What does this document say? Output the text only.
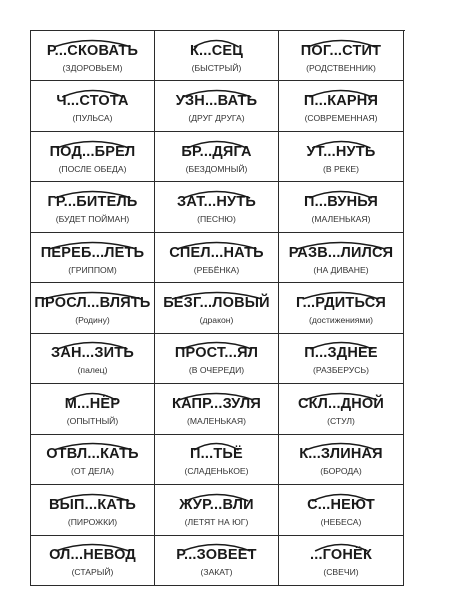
Р...СКОВАТЬ
(ЗДОРОВЬЕМ)
К...СЕЦ
(БЫСТРЫЙ)
ПОГ...СТИТ
(РОДСТВЕННИК)
Ч...СТОТА
(ПУЛЬСА)
УЗН...ВАТЬ
(ДРУГ ДРУГА)
П...КАРНЯ
(СОВРЕМЕННАЯ)
ПОД...БРЕЛ
(ПОСЛЕ ОБЕДА)
БР...ДЯГА
(БЕЗДОМНЫЙ)
УТ...НУТЬ
(В РЕКЕ)
ГР...БИТЕЛЬ
(БУДЕТ ПОЙМАН)
ЗАТ...НУТЬ
(ПЕСНЮ)
П...ВУНЬЯ
(МАЛЕНЬКАЯ)
ПЕРЕБ...ЛЕТЬ
(ГРИППОМ)
СПЕЛ...НАТЬ
(РЕБЁНКА)
РАЗВ...ЛИЛСЯ
(НА ДИВАНЕ)
ПРОСЛ...ВЛЯТЬ
(Родину)
БЕЗГ...ЛОВЫЙ
(дракон)
Г...РДИТЬСЯ
(достижениями)
ЗАН...ЗИТЬ
(палец)
ПРОСТ...ЯЛ
(В ОЧЕРЕДИ)
П...ЗДНЕЕ
(РАЗБЕРУСЬ)
М...НЁР
(ОПЫТНЫЙ)
КАПР...ЗУЛЯ
(МАЛЕНЬКАЯ)
СКЛ...ДНОЙ
(СТУЛ)
ОТВЛ...КАТЬ
(ОТ ДЕЛА)
П...ТЬЁ
(СЛАДЕНЬКОЕ)
К...ЗЛИНАЯ
(БОРОДА)
ВЫП...КАТЬ
(ПИРОЖКИ)
ЖУР...ВЛИ
(ЛЕТЯТ НА ЮГ)
С...НЕЮТ
(НЕБЕСА)
ОЛ...НЕВОД
(СТАРЫЙ)
Р...ЗОВЕЕТ
(ЗАКАТ)
...ГОНЁК
(СВЕЧИ)
